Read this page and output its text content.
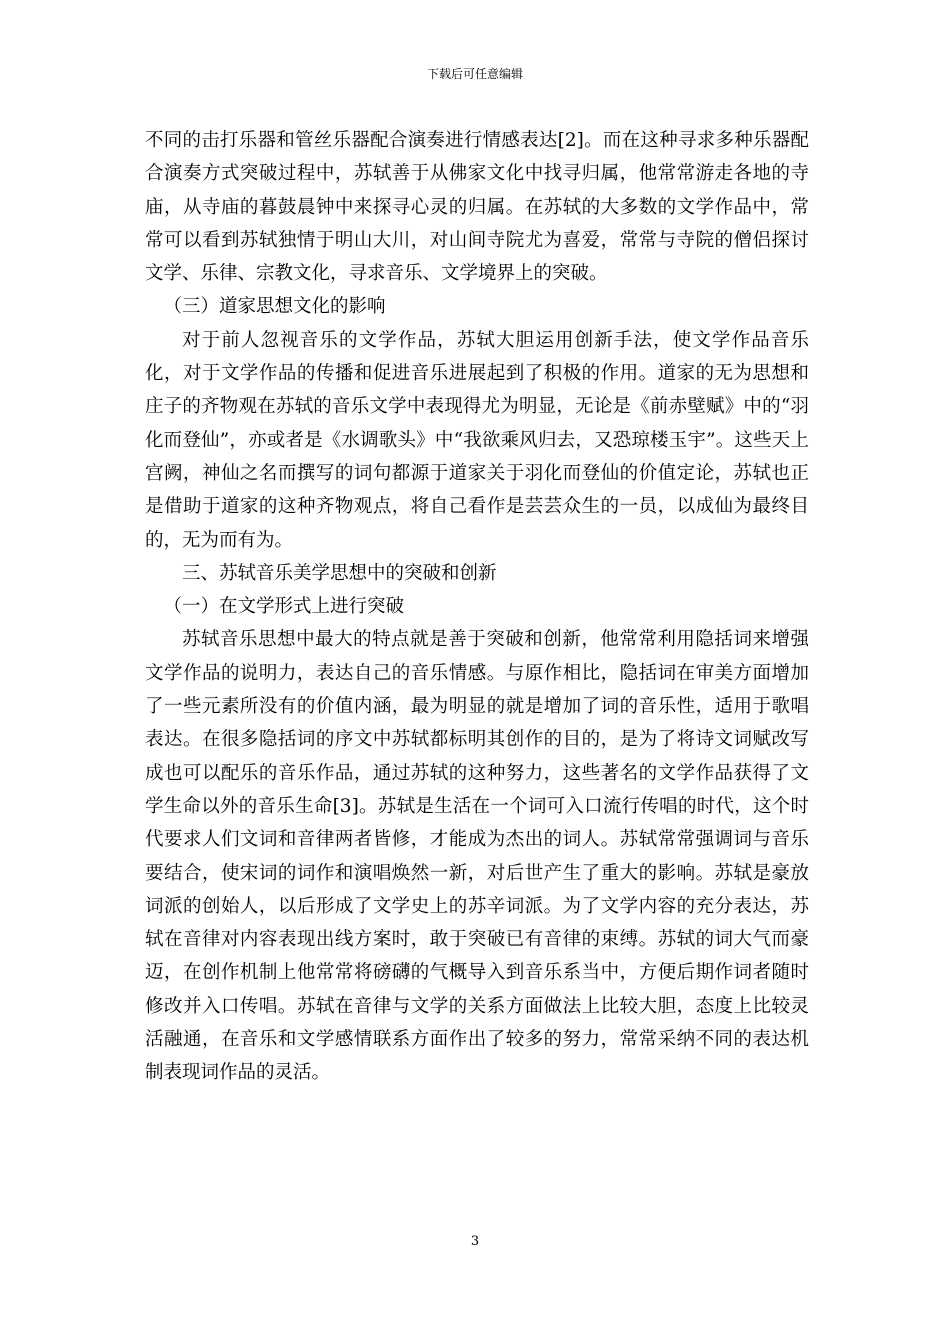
下载后可任意编辑

不同的击打乐器和管丝乐器配合演奏进行情感表达[2]。而在这种寻求多种乐器配合演奏方式突破过程中，苏轼善于从佛家文化中找寻归属，他常常游走各地的寺庙，从寺庙的暮鼓晨钟中来探寻心灵的归属。在苏轼的大多数的文学作品中，常常可以看到苏轼独情于明山大川，对山间寺院尤为喜爱，常常与寺院的僧侣探讨文学、乐律、宗教文化，寻求音乐、文学境界上的突破。

（三）道家思想文化的影响

对于前人忽视音乐的文学作品，苏轼大胆运用创新手法，使文学作品音乐化，对于文学作品的传播和促进音乐进展起到了积极的作用。道家的无为思想和庄子的齐物观在苏轼的音乐文学中表现得尤为明显，无论是《前赤壁赋》中的“羽化而登仙”，亦或者是《水调歌头》中“我欲乘风归去，又恐琼楼玉宇”。这些天上宫阙，神仙之名而撰写的词句都源于道家关于羽化而登仙的价值定论，苏轼也正是借助于道家的这种齐物观点，将自己看作是芸芸众生的一员，以成仙为最终目的，无为而有为。

三、苏轼音乐美学思想中的突破和创新

（一）在文学形式上进行突破

苏轼音乐思想中最大的特点就是善于突破和创新，他常常利用隐括词来增强文学作品的说明力，表达自己的音乐情感。与原作相比，隐括词在审美方面增加了一些元素所没有的价值内涵，最为明显的就是增加了词的音乐性，适用于歌唱表达。在很多隐括词的序文中苏轼都标明其创作的目的，是为了将诗文词赋改写成也可以配乐的音乐作品，通过苏轼的这种努力，这些著名的文学作品获得了文学生命以外的音乐生命[3]。苏轼是生活在一个词可入口流行传唱的时代，这个时代要求人们文词和音律两者皆修，才能成为杰出的词人。苏轼常常强调词与音乐要结合，使宋词的词作和演唱焕然一新，对后世产生了重大的影响。苏轼是豪放词派的创始人，以后形成了文学史上的苏辛词派。为了文学内容的充分表达，苏轼在音律对内容表现出线方案时，敢于突破已有音律的束缚。苏轼的词大气而豪迈，在创作机制上他常常将磅礴的气概导入到音乐系当中，方便后期作词者随时修改并入口传唱。苏轼在音律与文学的关系方面做法上比较大胆，态度上比较灵活融通，在音乐和文学感情联系方面作出了较多的努力，常常采纳不同的表达机制表现词作品的灵活。

3
